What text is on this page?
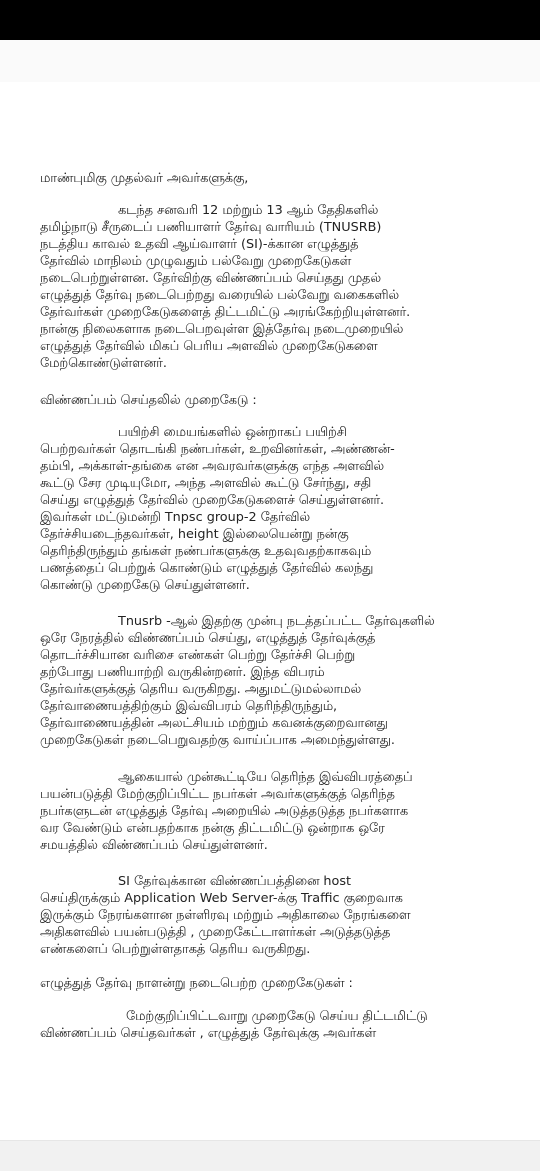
மாண்புமிகு முதல்வர் அவர்களுக்கு,
கடந்த சனவரி 12 மற்றும் 13 ஆம் தேதிகளில்
தமிழ்நாடு சீருடைப் பணியாளர் தேர்வு வாரியம் (TNUSRB)
நடத்திய காவல் உதவி ஆய்வாளர் (SI)-க்கான எழுத்துத்
தேர்வில் மாநிலம் முழுவதும் பல்வேறு முறைகேடுகள்
நடைபெற்றுள்ளன. தேர்விற்கு விண்ணப்பம் செய்தது முதல்
எழுத்துத் தேர்வு நடைபெற்றது வரையில் பல்வேறு வகைகளில்
தேர்வர்கள் முறைகேடுகளைத் திட்டமிட்டு அரங்கேற்றியுள்ளனர்.
நான்கு நிலைகளாக நடைபெறவுள்ள இத்தேர்வு நடைமுறையில்
எழுத்துத் தேர்வில் மிகப் பெரிய அளவில் முறைகேடுகளை
மேற்கொண்டுள்ளனர்.
விண்ணப்பம் செய்தலில் முறைகேடு :
பயிற்சி மையங்களில் ஒன்றாகப் பயிற்சி
பெற்றவர்கள் தொடங்கி நண்பர்கள், உறவினர்கள், அண்ணன்-
தம்பி, அக்காள்-தங்கை என அவரவர்களுக்கு எந்த அளவில்
கூட்டு சேர முடியுமோ, அந்த அளவில் கூட்டு சேர்ந்து, சதி
செய்து எழுத்துத் தேர்வில் முறைகேடுகளைச் செய்துள்ளனர்.
இவர்கள் மட்டுமன்றி Tnpsc group-2 தேர்வில்
தேர்ச்சியடைந்தவர்கள், height இல்லையென்று நன்கு
தெரிந்திருந்தும் தங்கள் நண்பர்களுக்கு உதவுவதற்காகவும்
பணத்தைப் பெற்றுக் கொண்டும் எழுத்துத் தேர்வில் கலந்து
கொண்டு முறைகேடு செய்துள்ளனர்.
Tnusrb -ஆல் இதற்கு முன்பு நடத்தப்பட்ட தேர்வுகளில்
ஒரே நேரத்தில் விண்ணப்பம் செய்து, எழுத்துத் தேர்வுக்குத்
தொடர்ச்சியான வரிசை எண்கள் பெற்று தேர்ச்சி பெற்று
தற்போது பணியாற்றி வருகின்றனர். இந்த விபரம்
தேர்வர்களுக்குத் தெரிய வருகிறது. அதுமட்டுமல்லாமல்
தேர்வாணையத்திற்கும் இவ்விபரம் தெரிந்திருந்தும்,
தேர்வாணையத்தின் அலட்சியம் மற்றும் கவனக்குறைவானது
முறைகேடுகள் நடைபெறுவதற்கு வாய்ப்பாக அமைந்துள்ளது.
ஆகையால் முன்கூட்டியே தெரிந்த இவ்விபரத்தைப்
பயன்படுத்தி மேற்குறிப்பிட்ட நபர்கள் அவர்களுக்குத் தெரிந்த
நபர்களுடன் எழுத்துத் தேர்வு அறையில் அடுத்தடுத்த நபர்களாக
வர வேண்டும் என்பதற்காக நன்கு திட்டமிட்டு ஒன்றாக ஒரே
சமயத்தில் விண்ணப்பம் செய்துள்ளனர்.
SI தேர்வுக்கான விண்ணப்பத்தினை host
செய்திருக்கும் Application Web Server-க்கு Traffic குறைவாக
இருக்கும் நேரங்களான நள்ளிரவு மற்றும் அதிகாலை நேரங்களை
அதிகளவில் பயன்படுத்தி , முறைகேட்டாளர்கள் அடுத்தடுத்த
எண்களைப் பெற்றுள்ளதாகத் தெரிய வருகிறது.
எழுத்துத் தேர்வு நாளன்று நடைபெற்ற முறைகேடுகள் :
மேற்குறிப்பிட்டவாறு முறைகேடு செய்ய திட்டமிட்டு
விண்ணப்பம் செய்தவர்கள் , எழுத்துத் தேர்வுக்கு அவர்கள்
